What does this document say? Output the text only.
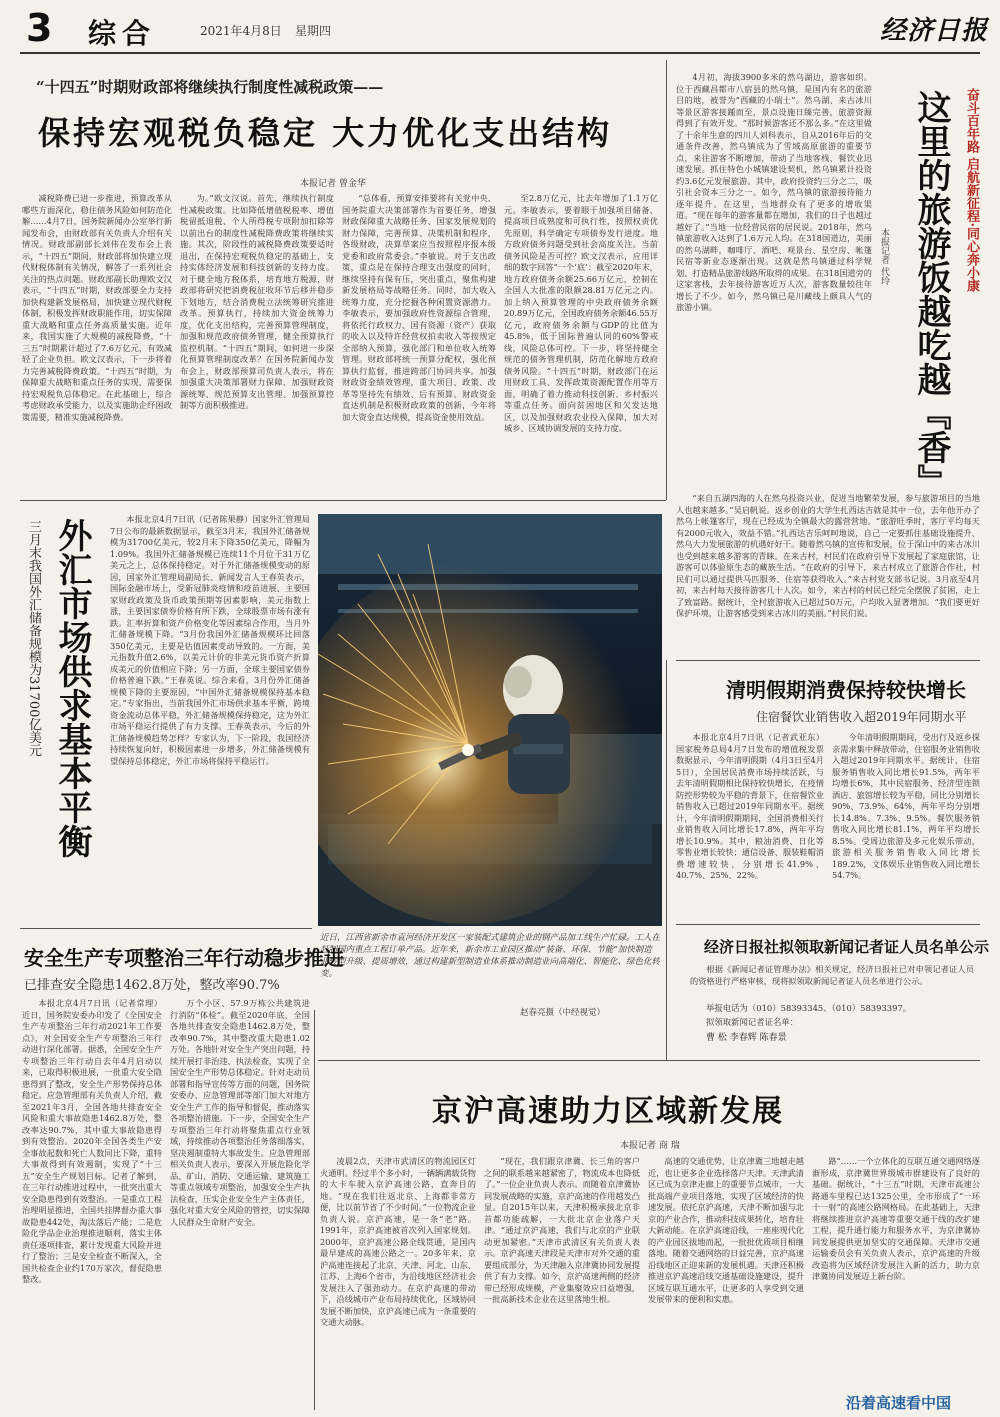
3 综合	2021年4月8日 星期四	经济日报
“十四五”时期财政部将继续执行制度性减税政策——
保持宏观税负稳定 大力优化支出结构
本报记者 曾金华
减税降费已进一步推进，预算改革从哪些方面深化，稳住债务风险如何防范化解……4月7日，国务院新闻办公室举行新闻发布会，由财政部有关负责人介绍有关情况。财政部副部长刘伟在发布会上表示，“十四五”期间，财政部将加快建立现代财税体制有关情况，解答了一系列社会关注的热点问题。财政部副长助理欧文汉表示，“十四五”时期，财政部要全力支持加快构建新发展格局，加快建立现代财税体制，积极发挥财政职能作用，切实保障重大战略和重点任务高质量实施。近年来，我国实施了大规模的减税降费，“十三五”时期累计超过了7.6万亿元，有效减轻了企业负担。欧文汉表示，下一步将着力完善减税降费政策。“十四五”时期，为保障重大战略和重点任务的实现，需要保持宏观税负总体稳定。在此基础上，综合考虑财政承受能力，以及实施助企纾困政策需要，精准实施减税降费。
为。”欧文汉说。首先，继续执行制度性减税政策。比如降低增值税税率、增值税留抵退税、个人所得税专项附加扣除等以前出台的制度性减税降费政策将继续实施。其次，阶段性的减税降费政策要适时退出，在保持宏观税负稳定的基础上，支持实体经济发展和科技创新的支持力度。对于健全地方税体系，培育地方税源，财政部将研究把消费税征收环节后移并稳步下划地方，结合消费税立法统筹研究推进改革。预算执行，持续加大资金统筹力度，优化支出结构，完善预算管理制度，加强和规范政府债务管理，健全预算执行监控机制。“十四五”期间，如何进一步深化预算管理制度改革？在国务院新闻办发布会上，财政部预算司负责人表示，将在加强重大决策部署财力保障、加强财政资源统筹、规范预算支出管理、加强预算控制等方面积极推进。
“总体看，预算安排要将有关党中央、国务院重大决策部署作为首要任务，增强财政保障重大战略任务、国家发展规划的财力保障，完善预算、决策机制和程序，各级财政，决算草案应当按照程序报本级党委和政府常委会。”李敏说。对于支出政策，重点是在保持合理支出强度的同时，继续坚持有保有压，突出重点，聚焦构建新发展格局等战略任务。同时，加大收入统筹力度，充分挖掘各种闲置资源潜力。李敏表示，要加强政府性资源综合管理，将依托行政权力、国有资源（资产）获取的收入以及特许经营权拍卖收入等按规定全部纳入预算，强化部门和单位收入统筹管理。财政部将统一预算分配权，强化预算执行监督，推进跨部门协同共享。加强财政资金绩效管理，重大项目、政策、改革等坚持先有绩效、后有预算。财政资金直达机制是积极财政政策的创新，今年将加大资金直达规模，提高资金使用效益。
至2.8万亿元，比去年增加了1.1万亿元。李敏表示，要着眼于加强项目储备、提高项目成熟度和可执行性，按照权责优先原则，科学确定专项债券发行进度。地方政府债务问题受到社会高度关注。当前债务风险是否可控？欧文汉表示，应用详细的数字回答“一个‘底’：截至2020年末，地方政府债务余额25.66万亿元，控制在全国人大批准的限额28.81万亿元之内。加上纳入预算管理的中央政府债务余额20.89万亿元，全国政府债务余额46.55万亿元，政府债务余额与GDP的比值为45.8%，低于国际普遍认同的60%警戒线，风险总体可控。下一步，将坚持健全规范的债务管理机制，防范化解地方政府债务风险。“十四五”时期，财政部门在运用财政工具、发挥政策资源配置作用等方面，明确了着力推动科技创新、乡村振兴等重点任务。面向贫困地区和欠发达地区，以及加强财政农业投入保障，加大对城乡、区域协调发展的支持力度。
奋斗百年路 启航新征程·同心奔小康
这里的旅游饭越吃越『香』
本报记者 代玲
4月初，海拔3900多米的然乌湖边，游客如织。位于西藏昌都市八宿县的然乌镇，是国内有名的旅游目的地，被誉为“西藏的小瑞士”。然乌湖、来古冰川等景区游客接踵而至，景点设施日臻完善，旅游资源得到了有效开发。“那时候游客还不那么多。”在这里做了十余年生意的四川人刘科表示，自从2016年后的交通条件改善，然乌镇成为了雪域高原旅游的重要节点，来往游客不断增加，带动了当地客栈、餐饮业迅速发展。抓住特色小城镇建设契机，然乌镇累计投资约3.6亿元发展旅游。其中，政府投资约三分之二，吸引社会资本三分之一。如今，然乌镇的旅游接待能力逐年提升。在这里，当地群众有了更多的增收渠道。“现在每年的游客量都在增加，我们的日子也越过越好了。”当地一位经营民宿的居民说。2018年，然乌镇旅游收入达到了1.6万元人均。在318国道边，美丽的然乌湖畔，咖啡厅、酒吧、观景台、星空房、帐篷民宿等新业态逐渐出现。这就是然乌镇通过科学规划、打造精品旅游线路所取得的成果。在318国道旁的这家客栈，去年接待游客近万人次，游客数量较往年增长了不少。如今，然乌镇已是川藏线上颇具人气的旅游小镇。
“来自五湖四海的人在然乌投资兴业，促进当地繁荣发展，参与旅游项目的当地人也越来越多。”吴启帆说。返乡创业的大学生扎西达吉就是其中一位，去年他开办了然乌上帐篷客厅，现在已经成为全镇最大的露营营地。“旅游旺季时，客厅平均每天有2000元收入，效益不错。”扎西达吉乐呵呵地说，自己一定要抓住基础设施提升、然乌大力发展旅游的机遇好好干。随着然乌镇的宣传和发展，位于深山中的来古冰川也受到越来越多游客的青睐。在来古村，村民们在政府引导下发展起了家庭旅馆，让游客可以体验原生态的藏族生活。“在政府的引导下，来古村成立了旅游合作社，村民们可以通过提供马匹服务、住宿等获得收入。”来古村党支部书记说。3月底至4月初，来古村每天接待游客几十人次。如今，来古村的村民已经完全摆脱了贫困，走上了致富路。据统计，全村旅游收入已超过50万元，户均收入显著增加。“我们要更好保护环境，让游客感受到来古冰川的美丽。”村民们说。
三月末我国外汇储备规模为31700亿美元 外汇市场供求基本平衡	本报北京4月7日讯（记者陈果静）国家外汇管理局7日公布的最新数据显示，截至3月末，我国外汇储备规模为31700亿美元，较2月末下降350亿美元，降幅为1.09%。我国外汇储备规模已连续11个月位于31万亿美元之上，总体保持稳定。对于外汇储备规模变动的原因，国家外汇管理局副局长、新闻发言人王春英表示，国际金融市场上，受新冠肺炎疫情和疫苗进展、主要国家财政政策及货币政策预期等因素影响，美元指数上涨，主要国家债券价格有所下跌，全球股票市场有涨有跌。汇率折算和资产价格变化等因素综合作用，当月外汇储备规模下降。“3月份我国外汇储备规模环比回落350亿美元，主要是估值因素变动导致的。一方面，美元指数升值2.6%，以美元计价的非美元货币资产折算成美元的价值相应下降；另一方面，全球主要国家债券价格普遍下跌。”王春英说。综合来看，3月份外汇储备规模下降的主要原因，“中国外汇储备规模保持基本稳定。”专家指出，当前我国外汇市场供求基本平衡，跨境资金流动总体平稳，外汇储备规模保持稳定，这为外汇市场平稳运行提供了有力支撑。王春英表示，今后的外汇储备规模趋势怎样？专家认为，下一阶段，我国经济持续恢复向好，积极因素进一步增多，外汇储备规模有望保持总体稳定，外汇市场将保持平稳运行。
近日，江西省新余市袁河经济开发区一家装配式建筑企业的钢产品加工线生产忙碌。工人在赶制国内重点工程订单产品。近年来，新余市工业园区推动“装备、环保、节能”加快制造业转型升级、提质增效，通过构建新型制造业体系推动制造业向高端化、智能化、绿色化转变。
赵春亮摄（中经视觉）
安全生产专项整治三年行动稳步推进
已排查安全隐患1462.8万处，整改率90.7%
本报北京4月7日讯（记者常理）近日，国务院安委办印发了《全国安全生产专项整治三年行动2021年工作要点》，对全国安全生产专项整治三年行动进行深化部署。据悉，全国安全生产专项整治三年行动自去年4月启动以来，已取得积极进展，一批重大安全隐患得到了整改，安全生产形势保持总体稳定。应急管理部有关负责人介绍，截至2021年3月，全国各地共排查安全风险和重大事故隐患1462.8万处，整改率达90.7%，其中重大事故隐患得到有效整治。2020年全国各类生产安全事故起数和死亡人数同比下降，重特大事故得到有效遏制，实现了“十三五”安全生产规划目标。记者了解到，在三年行动推进过程中，一批突出重大安全隐患得到有效整治。一是重点工程治理明显推进，全国共挂牌督办重大事故隐患442处，淘汰落后产能；二是危险化学品企业治理推进顺利，落实主体责任逐项排查，累计发现重大风险并进行了整治；三是安全检查不断深入，全国共检查企业约170万家次，督促隐患整改。
万个小区、57.9万栋公共建筑进行消防“体检”。截至2020年底，全国各地共排查安全隐患1462.8万处，整改率90.7%，其中整改重大隐患1.02万处。各地针对安全生产突出问题，持续开展打非治违、执法检查，实现了全国安全生产形势总体稳定。针对走动员部署和指导宣传等方面的问题，国务院安委办、应急管理部等部门加大对地方安全生产工作的指导和督促，推动落实各项整治措施。下一步，全国安全生产专项整治三年行动将聚焦重点行业领域，持续推动各项整治任务落细落实，坚决遏制重特大事故发生。应急管理部相关负责人表示，要深入开展危险化学品、矿山、消防、交通运输、建筑施工等重点领域专项整治，加强安全生产执法检查，压实企业安全生产主体责任，强化对重大安全风险的管控，切实保障人民群众生命财产安全。
清明假期消费保持较快增长
住宿餐饮业销售收入超2019年同期水平
本报北京4月7日讯（记者武亚东）国家税务总局4月7日发布的增值税发票数据显示，今年清明假期（4月3日至4月5日），全国居民消费市场持续活跃，与去年清明假期相比保持较快增长，在疫情防控形势较为平稳的背景下，住宿餐饮业销售收入已超过2019年同期水平。据统计，今年清明假期期间，全国消费相关行业销售收入同比增长17.8%，两年平均增长10.9%。其中，粮油消费、日化等零售业增长较快；通信设备、服装鞋帽消费增速较快，分别增长41.9%、40.7%、25%、22%。
今年清明假期期间，受出行及返乡探亲需求集中释放带动，住宿服务业销售收入超过2019年同期水平。据统计，住宿服务销售收入同比增长91.5%，两年平均增长6%，其中民宿服务、经济型连锁酒店、旅馆增长较为平稳，同比分别增长90%、73.9%、64%，两年平均分别增长14.8%、7.3%、9.5%。餐饮服务销售收入同比增长81.1%，两年平均增长8.5%。受周边旅游及多元化娱乐带动，旅游相关服务销售收入同比增长189.2%，文体娱乐业销售收入同比增长54.7%。
经济日报社拟领取新闻记者证人员名单公示
根据《新闻记者证管理办法》相关规定，经济日报社已对申领记者证人员的资格进行严格审核，现将拟领取新闻记者证人员名单进行公示。
举报电话为（010）58393345、（010）58393397。
拟领取新闻记者证名单：
曹 松 李春辉 陈春景
京沪高速助力区域新发展
本报记者 商 瑞
凌晨2点，天津市武清区的物流园区灯火通明。经过半个多小时，一辆辆满载货物的大卡车驶入京沪高速公路，直奔目的地。“现在我们往返北京、上海都非常方便，比以前节省了不少时间。”一位物流企业负责人说。京沪高速，是一条“老”路。1991年，京沪高速被首次列入国家规划。2000年，京沪高速公路全线贯通，是国内最早建成的高速公路之一。20多年来，京沪高速连接起了北京、天津、河北、山东、江苏、上海6个省市，为沿线地区经济社会发展注入了强劲动力。在京沪高速的带动下，沿线城市产业布局持续优化，区域协同发展不断加快，京沪高速已成为一条重要的交通大动脉。
“现在，我们跟京津冀、长三角的客户之间的联系越来越紧密了，物流成本也降低了。”一位企业负责人表示。而随着京津冀协同发展战略的实施，京沪高速的作用越发凸显。自2015年以来，天津积极承接北京非首都功能疏解，一大批北京企业落户天津。“通过京沪高速，我们与北京的产业联动更加紧密。”天津市武清区有关负责人表示。京沪高速天津段是天津市对外交通的重要组成部分，为天津融入京津冀协同发展提供了有力支撑。如今，京沪高速两侧的经济带已经形成规模，产业集聚效应日益增强，一批高新技术企业在这里落地生根。
高速的交通优势，让京津冀三地越走越近，也让更多企业选择落户天津。天津武清区已成为京津走廊上的重要节点城市，一大批高端产业项目落地，实现了区域经济的快速发展。依托京沪高速，天津不断加强与北京的产业合作，推动科技成果转化，培育壮大新动能。在京沪高速沿线，一座座现代化的产业园区拔地而起，一批批优质项目相继落地。随着交通网络的日益完善，京沪高速沿线地区正迎来新的发展机遇。天津还积极推进京沪高速沿线交通基础设施建设，提升区域互联互通水平，让更多的人享受到交通发展带来的便利和实惠。
路”……一个立体化的互联互通交通网络逐渐形成，京津冀世界级城市群建设有了良好的基础。据统计，“十三五”时期，天津市高速公路通车里程已达1325公里，全市形成了“一环十一射”的高速公路网格局。在此基础上，天津将继续推进京沪高速等重要交通干线的改扩建工程，提升通行能力和服务水平，为京津冀协同发展提供更加坚实的交通保障。天津市交通运输委员会有关负责人表示，京沪高速的升级改造将为区域经济发展注入新的活力，助力京津冀协同发展迈上新台阶。
沿着高速看中国
